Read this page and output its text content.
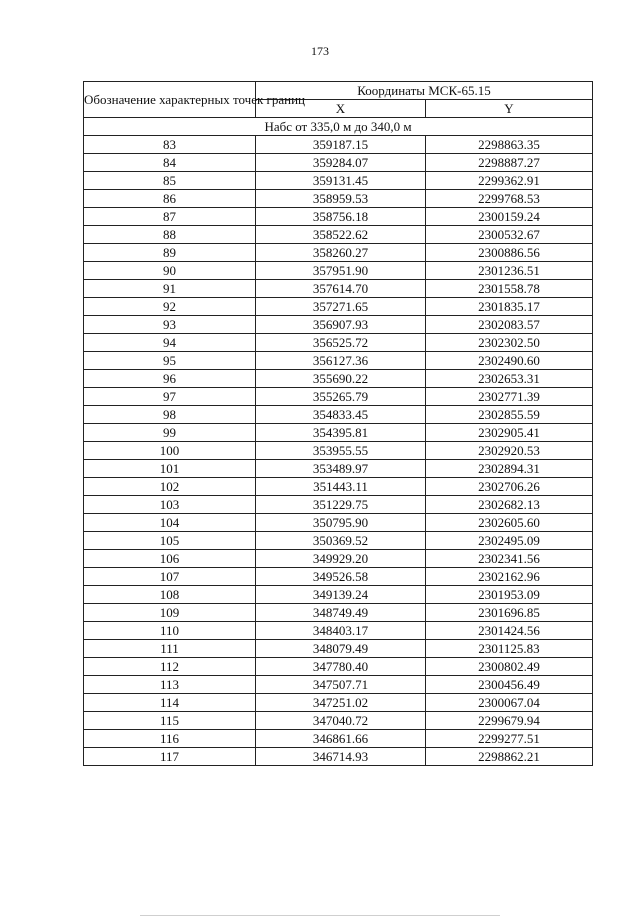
173
Обозначение характерных точек границ	Координаты МСК-65.15	
	X	Y
Набс от 335,0 м до 340,0 м		
83	359187.15	2298863.35
84	359284.07	2298887.27
85	359131.45	2299362.91
86	358959.53	2299768.53
87	358756.18	2300159.24
88	358522.62	2300532.67
89	358260.27	2300886.56
90	357951.90	2301236.51
91	357614.70	2301558.78
92	357271.65	2301835.17
93	356907.93	2302083.57
94	356525.72	2302302.50
95	356127.36	2302490.60
96	355690.22	2302653.31
97	355265.79	2302771.39
98	354833.45	2302855.59
99	354395.81	2302905.41
100	353955.55	2302920.53
101	353489.97	2302894.31
102	351443.11	2302706.26
103	351229.75	2302682.13
104	350795.90	2302605.60
105	350369.52	2302495.09
106	349929.20	2302341.56
107	349526.58	2302162.96
108	349139.24	2301953.09
109	348749.49	2301696.85
110	348403.17	2301424.56
111	348079.49	2301125.83
112	347780.40	2300802.49
113	347507.71	2300456.49
114	347251.02	2300067.04
115	347040.72	2299679.94
116	346861.66	2299277.51
117	346714.93	2298862.21
